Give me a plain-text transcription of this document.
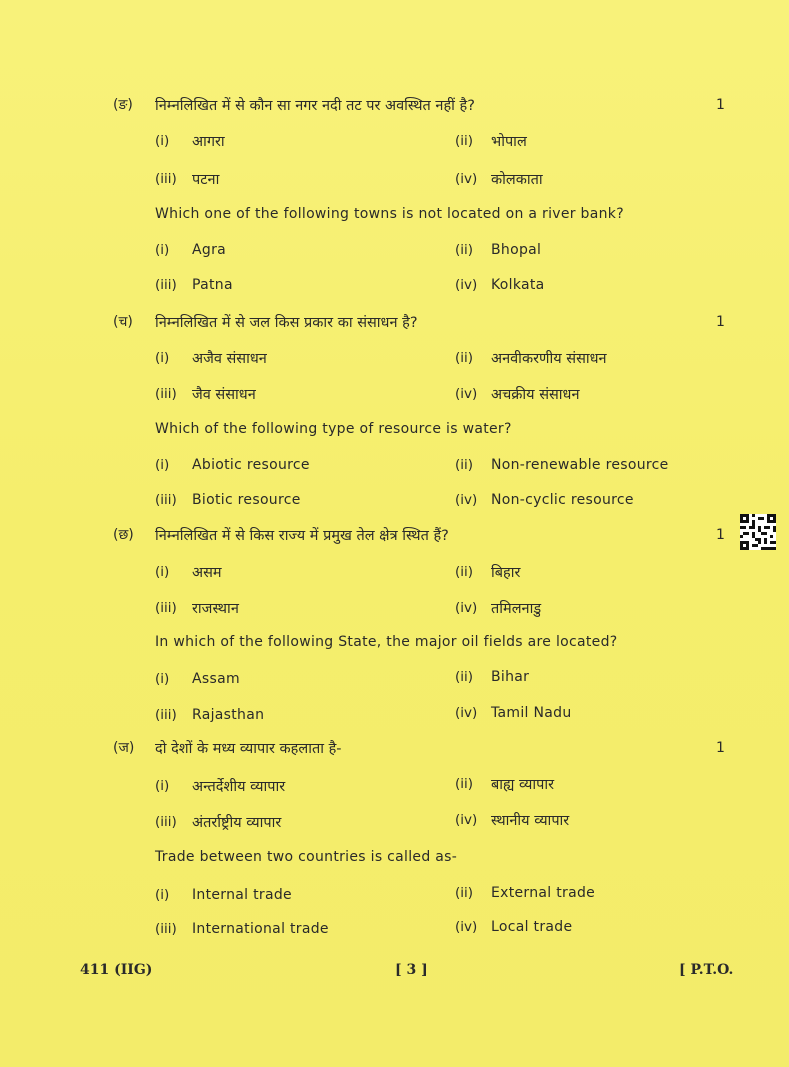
(ङ) निम्नलिखित में से कौन सा नगर नदी तट पर अवस्थित नहीं है?	1
(i) आगरा	(ii) भोपाल
(iii) पटना	(iv) कोलकाता
Which one of the following towns is not located on a river bank?
(i) Agra	(ii) Bhopal
(iii) Patna	(iv) Kolkata
(च) निम्नलिखित में से जल किस प्रकार का संसाधन है?	1
(i) अजैव संसाधन	(ii) अनवीकरणीय संसाधन
(iii) जैव संसाधन	(iv) अचक्रीय संसाधन
Which of the following type of resource is water?
(i) Abiotic resource	(ii) Non-renewable resource
(iii) Biotic resource	(iv) Non-cyclic resource
(छ) निम्नलिखित में से किस राज्य में प्रमुख तेल क्षेत्र स्थित हैं?	1
(i) असम	(ii) बिहार
(iii) राजस्थान	(iv) तमिलनाडु
In which of the following State, the major oil fields are located?
(i) Assam	(ii) Bihar
(iii) Rajasthan	(iv) Tamil Nadu
(ज) दो देशों के मध्य व्यापार कहलाता है-	1
(i) अन्तर्देशीय व्यापार	(ii) बाह्य व्यापार
(iii) अंतर्राष्ट्रीय व्यापार	(iv) स्थानीय व्यापार
Trade between two countries is called as-
(i) Internal trade	(ii) External trade
(iii) International trade	(iv) Local trade
411 (IIG)	[ 3 ]	[ P.T.O.
